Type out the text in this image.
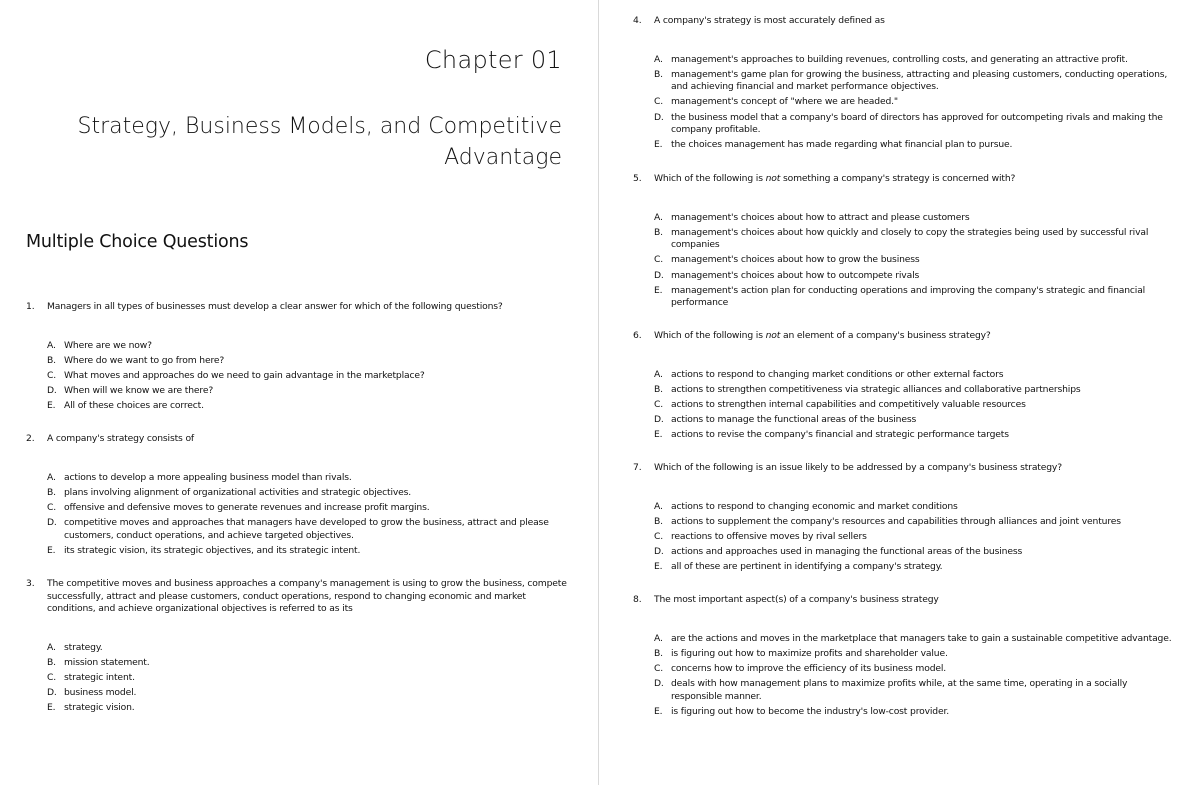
Chapter 01
Strategy, Business Models, and Competitive Advantage
Multiple Choice Questions
1.	Managers in all types of businesses must develop a clear answer for which of the following questions?
A. Where are we now?
B. Where do we want to go from here?
C. What moves and approaches do we need to gain advantage in the marketplace?
D. When will we know we are there?
E. All of these choices are correct.
2.	A company's strategy consists of
A. actions to develop a more appealing business model than rivals.
B. plans involving alignment of organizational activities and strategic objectives.
C. offensive and defensive moves to generate revenues and increase profit margins.
D. competitive moves and approaches that managers have developed to grow the business, attract and please customers, conduct operations, and achieve targeted objectives.
E. its strategic vision, its strategic objectives, and its strategic intent.
3.	The competitive moves and business approaches a company's management is using to grow the business, compete successfully, attract and please customers, conduct operations, respond to changing economic and market conditions, and achieve organizational objectives is referred to as its
A. strategy.
B. mission statement.
C. strategic intent.
D. business model.
E. strategic vision.
4.	A company's strategy is most accurately defined as
A. management's approaches to building revenues, controlling costs, and generating an attractive profit.
B. management's game plan for growing the business, attracting and pleasing customers, conducting operations, and achieving financial and market performance objectives.
C. management's concept of "where we are headed."
D. the business model that a company's board of directors has approved for outcompeting rivals and making the company profitable.
E. the choices management has made regarding what financial plan to pursue.
5.	Which of the following is not something a company's strategy is concerned with?
A. management's choices about how to attract and please customers
B. management's choices about how quickly and closely to copy the strategies being used by successful rival companies
C. management's choices about how to grow the business
D. management's choices about how to outcompete rivals
E. management's action plan for conducting operations and improving the company's strategic and financial performance
6.	Which of the following is not an element of a company's business strategy?
A. actions to respond to changing market conditions or other external factors
B. actions to strengthen competitiveness via strategic alliances and collaborative partnerships
C. actions to strengthen internal capabilities and competitively valuable resources
D. actions to manage the functional areas of the business
E. actions to revise the company's financial and strategic performance targets
7.	Which of the following is an issue likely to be addressed by a company's business strategy?
A. actions to respond to changing economic and market conditions
B. actions to supplement the company's resources and capabilities through alliances and joint ventures
C. reactions to offensive moves by rival sellers
D. actions and approaches used in managing the functional areas of the business
E. all of these are pertinent in identifying a company's strategy.
8.	The most important aspect(s) of a company's business strategy
A. are the actions and moves in the marketplace that managers take to gain a sustainable competitive advantage.
B. is figuring out how to maximize profits and shareholder value.
C. concerns how to improve the efficiency of its business model.
D. deals with how management plans to maximize profits while, at the same time, operating in a socially responsible manner.
E. is figuring out how to become the industry's low-cost provider.
